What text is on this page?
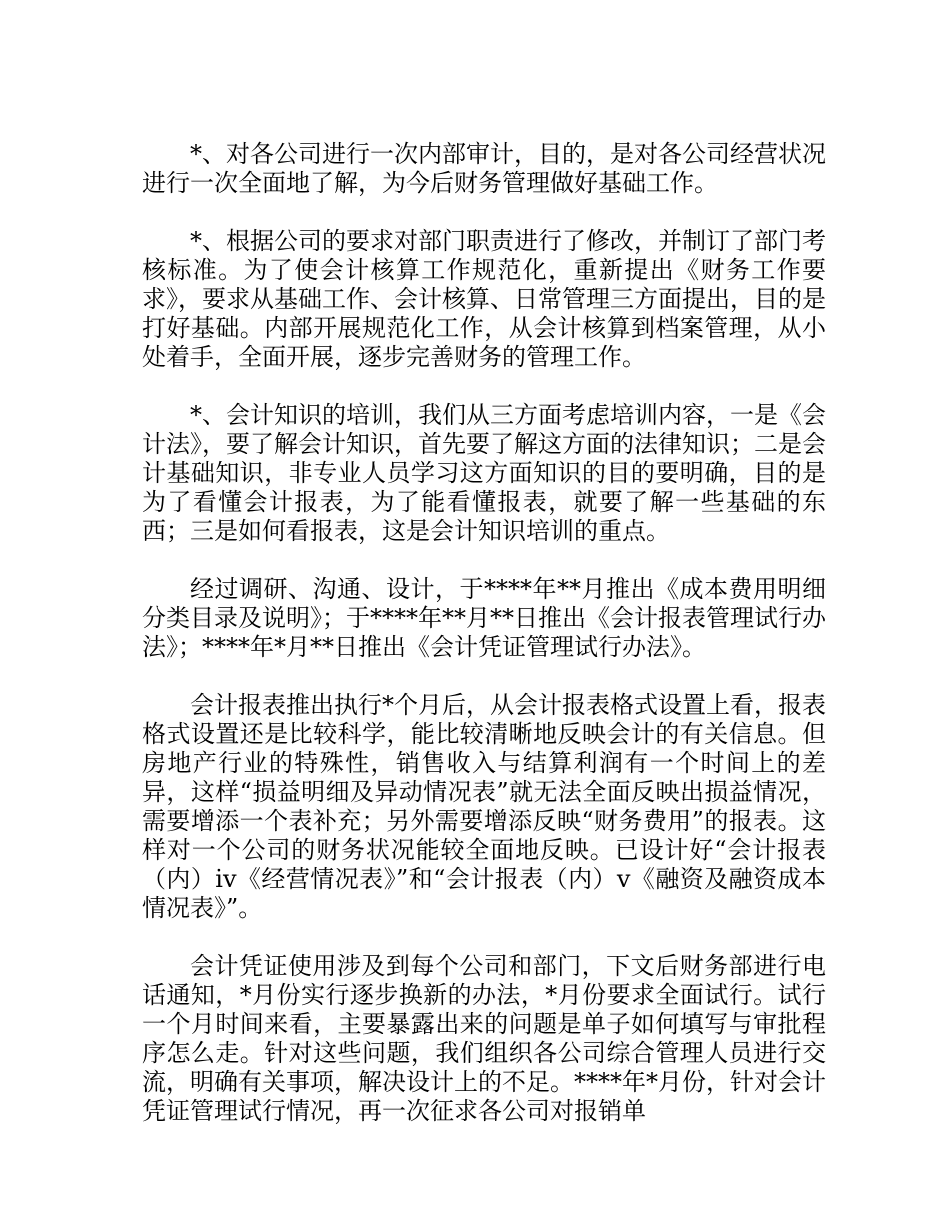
*、对各公司进行一次内部审计，目的，是对各公司经营状况进行一次全面地了解，为今后财务管理做好基础工作。

*、根据公司的要求对部门职责进行了修改，并制订了部门考核标准。为了使会计核算工作规范化，重新提出《财务工作要求》，要求从基础工作、会计核算、日常管理三方面提出，目的是打好基础。内部开展规范化工作，从会计核算到档案管理，从小处着手，全面开展，逐步完善财务的管理工作。

*、会计知识的培训，我们从三方面考虑培训内容，一是《会计法》，要了解会计知识，首先要了解这方面的法律知识；二是会计基础知识，非专业人员学习这方面知识的目的要明确，目的是为了看懂会计报表，为了能看懂报表，就要了解一些基础的东西；三是如何看报表，这是会计知识培训的重点。

经过调研、沟通、设计，于****年**月推出《成本费用明细分类目录及说明》；于****年**月**日推出《会计报表管理试行办法》；****年*月**日推出《会计凭证管理试行办法》。

会计报表推出执行*个月后，从会计报表格式设置上看，报表格式设置还是比较科学，能比较清晰地反映会计的有关信息。但房地产行业的特殊性，销售收入与结算利润有一个时间上的差异，这样“损益明细及异动情况表”就无法全面反映出损益情况，需要增添一个表补充；另外需要增添反映“财务费用”的报表。这样对一个公司的财务状况能较全面地反映。已设计好“会计报表（内）iv《经营情况表》”和“会计报表（内）v《融资及融资成本情况表》”。

会计凭证使用涉及到每个公司和部门，下文后财务部进行电话通知，*月份实行逐步换新的办法，*月份要求全面试行。试行一个月时间来看，主要暴露出来的问题是单子如何填写与审批程序怎么走。针对这些问题，我们组织各公司综合管理人员进行交流，明确有关事项，解决设计上的不足。****年*月份，针对会计凭证管理试行情况，再一次征求各公司对报销单
